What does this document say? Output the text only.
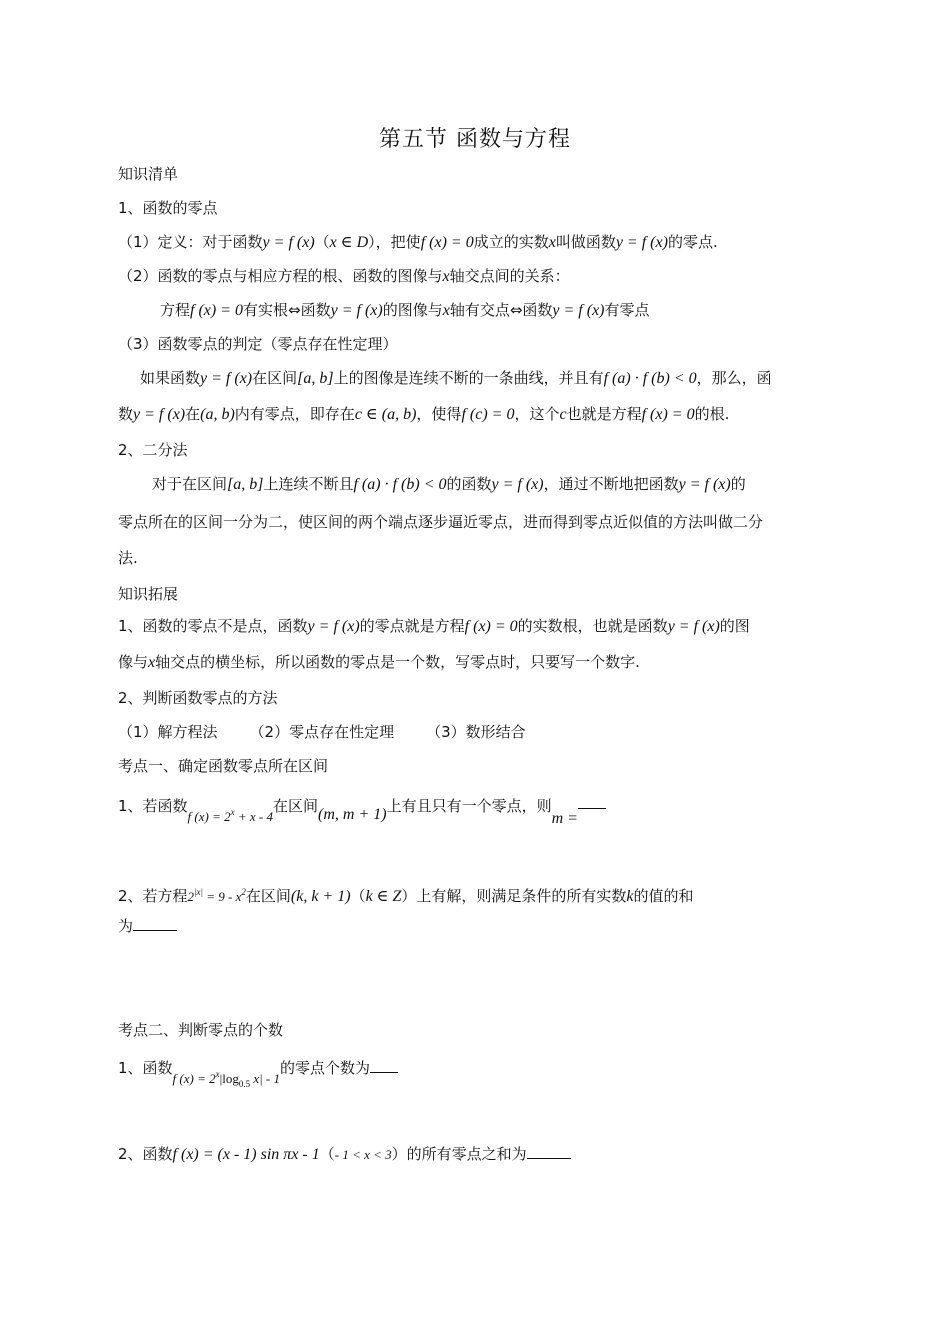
第五节 函数与方程
知识清单
1、函数的零点
（1）定义：对于函数y = f (x)（x ∈ D），把使f (x) = 0成立的实数x叫做函数y = f (x)的零点.
（2）函数的零点与相应方程的根、函数的图像与x轴交点间的关系：
方程f (x) = 0有实根⇔函数y = f (x)的图像与x轴有交点⇔函数y = f (x)有零点
（3）函数零点的判定（零点存在性定理）
如果函数y = f (x)在区间[a, b]上的图像是连续不断的一条曲线，并且有f (a) · f (b) < 0，那么，函
数y = f (x)在(a, b)内有零点，即存在c ∈ (a, b)，使得f (c) = 0，这个c也就是方程f (x) = 0的根.
2、二分法
对于在区间[a, b]上连续不断且f (a) · f (b) < 0的函数y = f (x)，通过不断地把函数y = f (x)的
零点所在的区间一分为二，使区间的两个端点逐步逼近零点，进而得到零点近似值的方法叫做二分
法.
知识拓展
1、函数的零点不是点，函数y = f (x)的零点就是方程f (x) = 0的实数根，也就是函数y = f (x)的图
像与x轴交点的横坐标，所以函数的零点是一个数，写零点时，只要写一个数字.
2、判断函数零点的方法
（1）解方程法 （2）零点存在性定理 （3）数形结合
考点一、确定函数零点所在区间
1、若函数f $(x) = 2^x + x - 4$在区间(m, m + 1)上有且只有一个零点，则m =
2、若方程$2^{|x|} = 9 - x^2$在区间(k, k + 1)（k ∈ Z）上有解，则满足条件的所有实数k的值的和
为
考点二、判断零点的个数
1、函数f $(x) = 2^x|\log_{0.5}$ x| - 1的零点个数为
2、函数f (x) = (x - 1) sin πx - 1（- 1 < x < 3）的所有零点之和为
